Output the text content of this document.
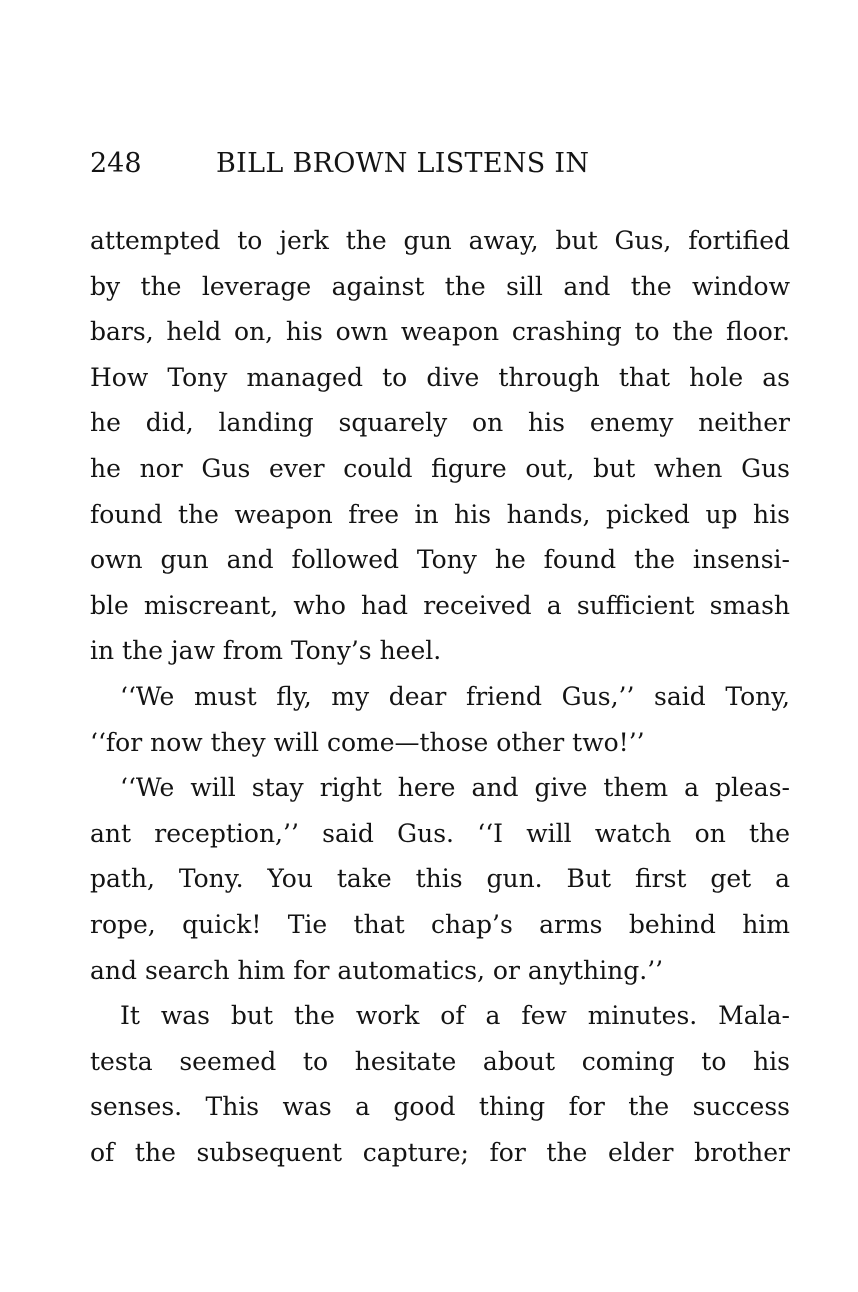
248	BILL BROWN LISTENS IN
attempted to jerk the gun away, but Gus, fortified
by the leverage against the sill and the window
bars, held on, his own weapon crashing to the floor.
How Tony managed to dive through that hole as
he did, landing squarely on his enemy neither
he nor Gus ever could figure out, but when Gus
found the weapon free in his hands, picked up his
own gun and followed Tony he found the insensi-
ble miscreant, who had received a sufficient smash
in the jaw from Tony’s heel.
‘‘We must fly, my dear friend Gus,’’ said Tony,
‘‘for now they will come—those other two!’’
‘‘We will stay right here and give them a pleas-
ant reception,’’ said Gus. ‘‘I will watch on the
path, Tony. You take this gun. But first get a
rope, quick! Tie that chap’s arms behind him
and search him for automatics, or anything.’’
It was but the work of a few minutes. Mala-
testa seemed to hesitate about coming to his
senses. This was a good thing for the success
of the subsequent capture; for the elder brother
